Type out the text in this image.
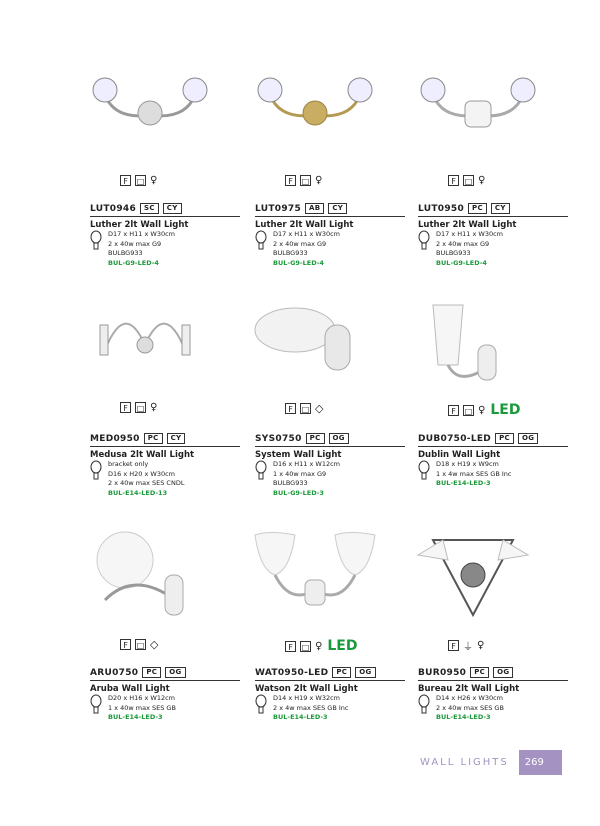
F	□ ♀
LUT0946	SC	CY
Luther 2lt Wall Light
D17 x H11 x W30cm
2 x 40w max G9
BULBG933
BUL-G9-LED-4
F	□ ♀
LUT0975	AB	CY
Luther 2lt Wall Light
D17 x H11 x W30cm
2 x 40w max G9
BULBG933
BUL-G9-LED-4
F	□ ♀
LUT0950	PC	CY
Luther 2lt Wall Light
D17 x H11 x W30cm
2 x 40w max G9
BULBG933
BUL-G9-LED-4
F	□ ♀
MED0950	PC	CY
Medusa 2lt Wall Light
bracket only
D16 x H20 x W30cm
2 x 40w max SES CNDL
BUL-E14-LED-13
F	□ ◇
SYS0750	PC	OG
System Wall Light
D16 x H11 x W12cm
1 x 40w max G9
BULBG933
BUL-G9-LED-3
F	□ ♀ LED
DUB0750-LED	PC	OG
Dublin Wall Light
D18 x H19 x W9cm
1 x 4w max SES GB Inc
BUL-E14-LED-3
F	□ ◇
ARU0750	PC	OG
Aruba Wall Light
D20 x H16 x W12cm
1 x 40w max SES GB
BUL-E14-LED-3
F	□ ♀ LED
WAT0950-LED	PC	OG
Watson 2lt Wall Light
D14 x H19 x W32cm
2 x 4w max SES GB Inc
BUL-E14-LED-3
F ⏚ ♀
BUR0950	PC	OG
Bureau 2lt Wall Light
D14 x H26 x W30cm
2 x 40w max SES GB
BUL-E14-LED-3
WALL LIGHTS	269
